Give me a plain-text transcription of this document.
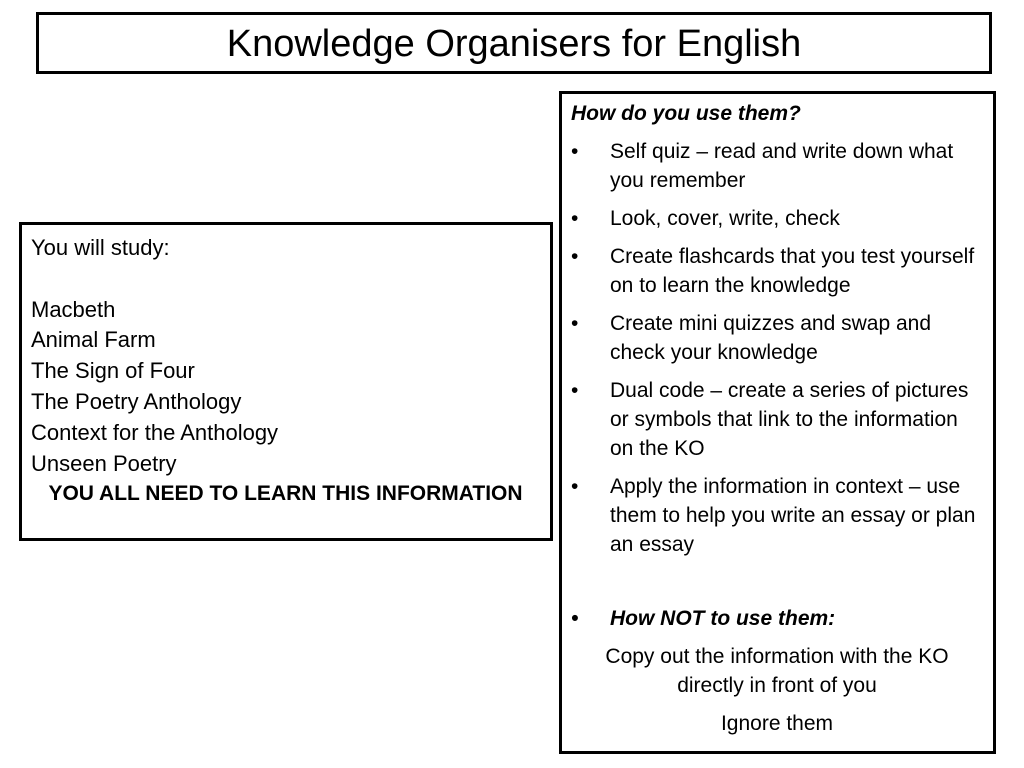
Knowledge Organisers for English
You will study:
Macbeth
Animal Farm
The Sign of Four
The Poetry Anthology
Context for the Anthology
Unseen Poetry
YOU ALL NEED TO LEARN THIS INFORMATION
How do you use them?
•	Self quiz – read and write down what you remember
•	Look, cover, write, check
•	Create flashcards that you test yourself on to learn the knowledge
•	Create mini quizzes and swap and check your knowledge
•	Dual code – create a series of pictures or symbols that link to the information on the KO
•	Apply the information in context – use them to help you write an essay or plan an essay
•	How NOT to use them:
Copy out the information with the KO directly in front of you
Ignore them
